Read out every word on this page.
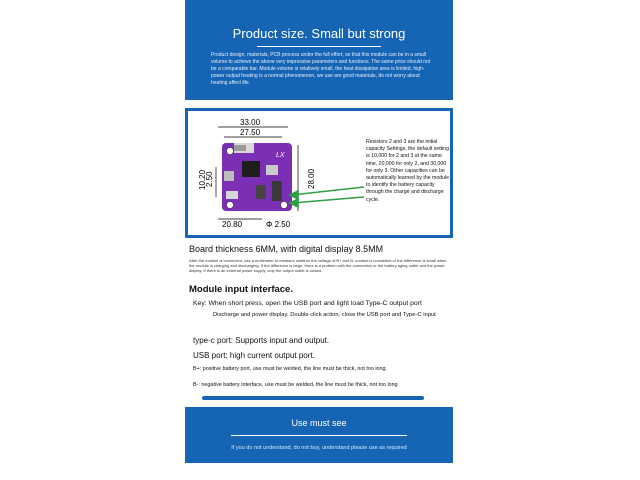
Product size. Small but strong
Product design, materials, PCB process under the full effort, so that this module can be in a small volume to achieve the above very impressive parameters and functions. The same price should not be a comparable bar. Module volume is relatively small, the heat dissipation area is limited, high-power output heating is a normal phenomenon, we use are good materials, do not worry about heating affect life.
LX
33.00
27.50
10.20
2.50	28.00
20.80	Φ 2.50
Resistors 2 and 3 are the initial capacity Settings, the default setting is 10,000 for 2 and 3 at the same time, 20,000 for only 2, and 30,000 for only 3. Other capacities can be automatically learned by the module to identify the battery capacity through the charge and discharge cycle.
Board thickness 6MM, with digital display 8.5MM
After the module is connected, use a multimeter to measure whether the voltage of B+ and B- contact is consistent or the difference is small when the module is charging and discharging. If the difference is large, there is a problem with the connection or the battery aging outlet and the power display. If there is an external power supply, only the output outlet is closed.
Module input interface.
Key: When short press, open the USB port and light load Type-C output port
Discharge and power display. Double click action, close the USB port and Type-C input
type-c port: Supports input and output.
USB port: high current output port.
B+: positive battery port, use must be welded, the line must be thick, not too long.
B-: negative battery interface, use must be welded, the line must be thick, not too long
Use must see
If you do not understand, do not buy, understand please use as required
